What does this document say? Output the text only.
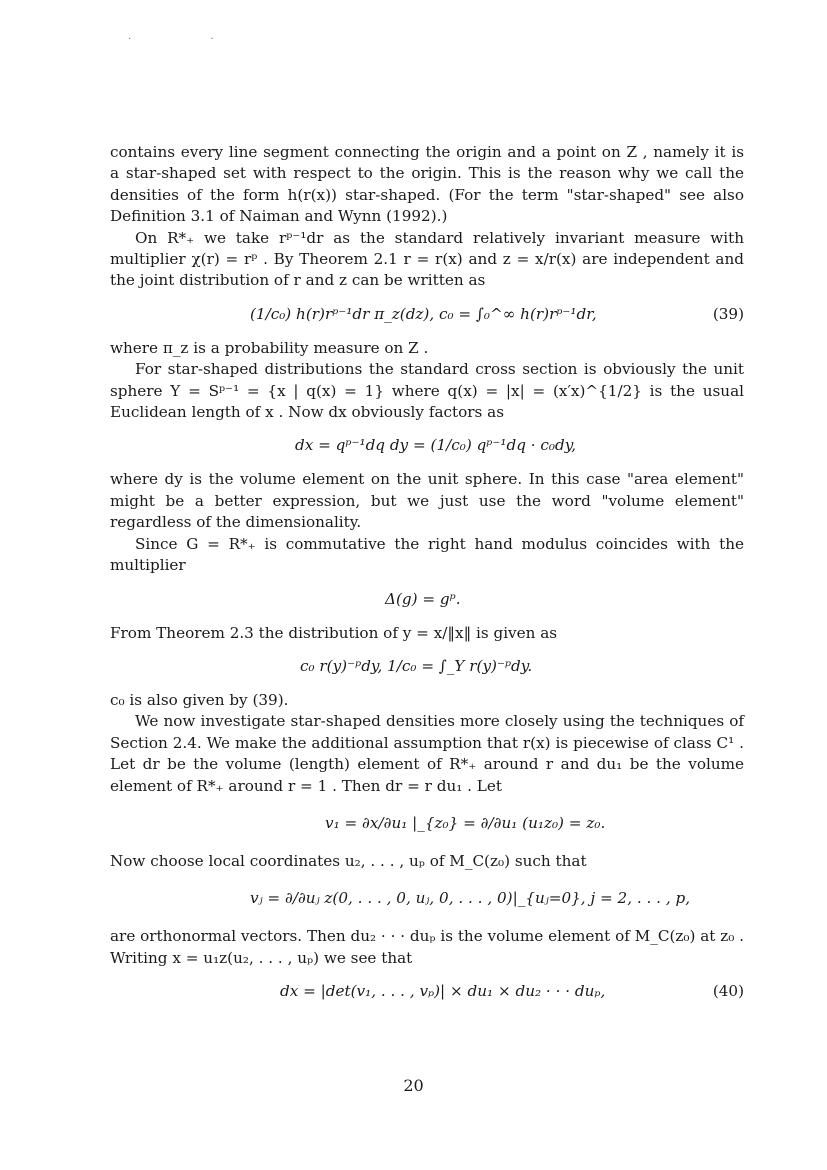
· ·

contains every line segment connecting the origin and a point on Z , namely it is a star-shaped set with respect to the origin. This is the reason why we call the densities of the form h(r(x)) star-shaped. (For the term "star-shaped" see also Definition 3.1 of Naiman and Wynn (1992).)

On R*₊ we take rᵖ⁻¹dr as the standard relatively invariant measure with multiplier χ(r) = rᵖ . By Theorem 2.1 r = r(x) and z = x/r(x) are independent and the joint distribution of r and z can be written as

(1/c₀) h(r)rᵖ⁻¹dr π_z(dz), c₀ = ∫₀^∞ h(r)rᵖ⁻¹dr,	(39)

where π_z is a probability measure on Z .

For star-shaped distributions the standard cross section is obviously the unit sphere Y = Sᵖ⁻¹ = {x | q(x) = 1} where q(x) = |x| = (x′x)^{1/2} is the usual Euclidean length of x . Now dx obviously factors as

dx = qᵖ⁻¹dq dy = (1/c₀) qᵖ⁻¹dq · c₀dy,

where dy is the volume element on the unit sphere. In this case "area element" might be a better expression, but we just use the word "volume element" regardless of the dimensionality.

Since G = R*₊ is commutative the right hand modulus coincides with the multiplier

Δ(g) = gᵖ.

From Theorem 2.3 the distribution of y = x/‖x‖ is given as

c₀ r(y)⁻ᵖdy, 1/c₀ = ∫_Y r(y)⁻ᵖdy.

c₀ is also given by (39).

We now investigate star-shaped densities more closely using the techniques of Section 2.4. We make the additional assumption that r(x) is piecewise of class C¹ . Let dr be the volume (length) element of R*₊ around r and du₁ be the volume element of R*₊ around r = 1 . Then dr = r du₁ . Let

v₁ = ∂x/∂u₁ |_{z₀} = ∂/∂u₁ (u₁z₀) = z₀.

Now choose local coordinates u₂, . . . , uₚ of M_C(z₀) such that

vⱼ = ∂/∂uⱼ z(0, . . . , 0, uⱼ, 0, . . . , 0)|_{uⱼ=0}, j = 2, . . . , p,

are orthonormal vectors. Then du₂ · · · duₚ is the volume element of M_C(z₀) at z₀ . Writing x = u₁z(u₂, . . . , uₚ) we see that

dx = |det(v₁, . . . , vₚ)| × du₁ × du₂ · · · duₚ,	(40)
20
